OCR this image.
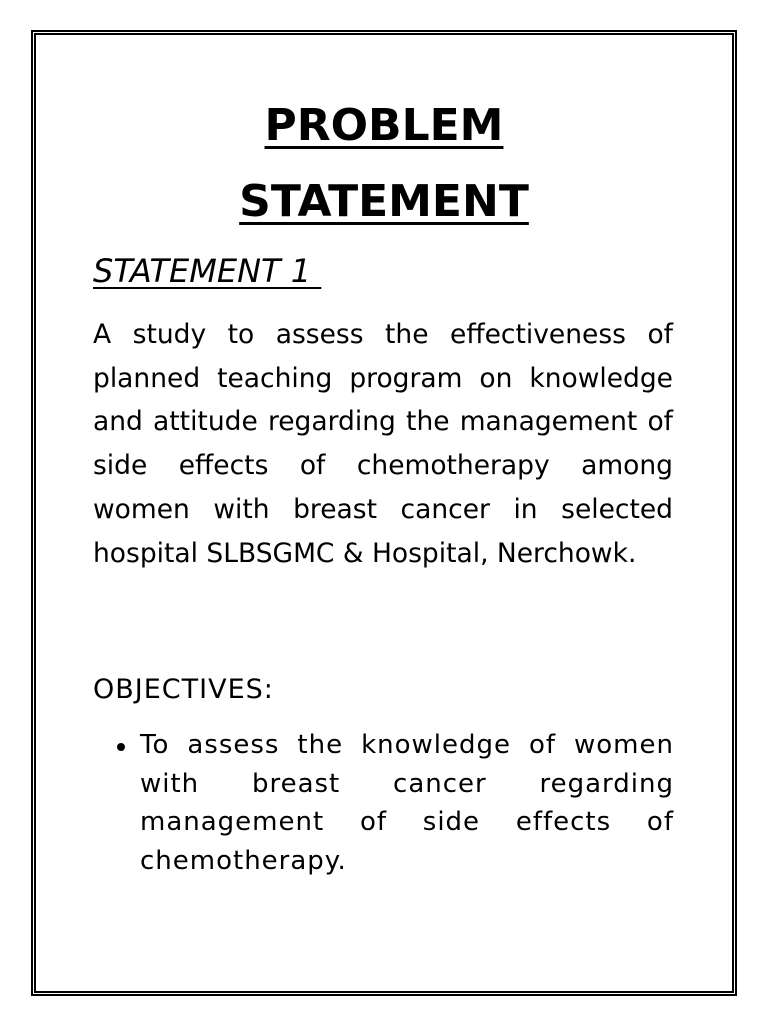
PROBLEM
STATEMENT
STATEMENT 1
A study to assess the effectiveness of planned teaching program on knowledge and attitude regarding the management of side effects of chemotherapy among women with breast cancer in selected hospital SLBSGMC & Hospital, Nerchowk.
OBJECTIVES:
To assess the knowledge of women with breast cancer regarding management of side effects of chemotherapy.
